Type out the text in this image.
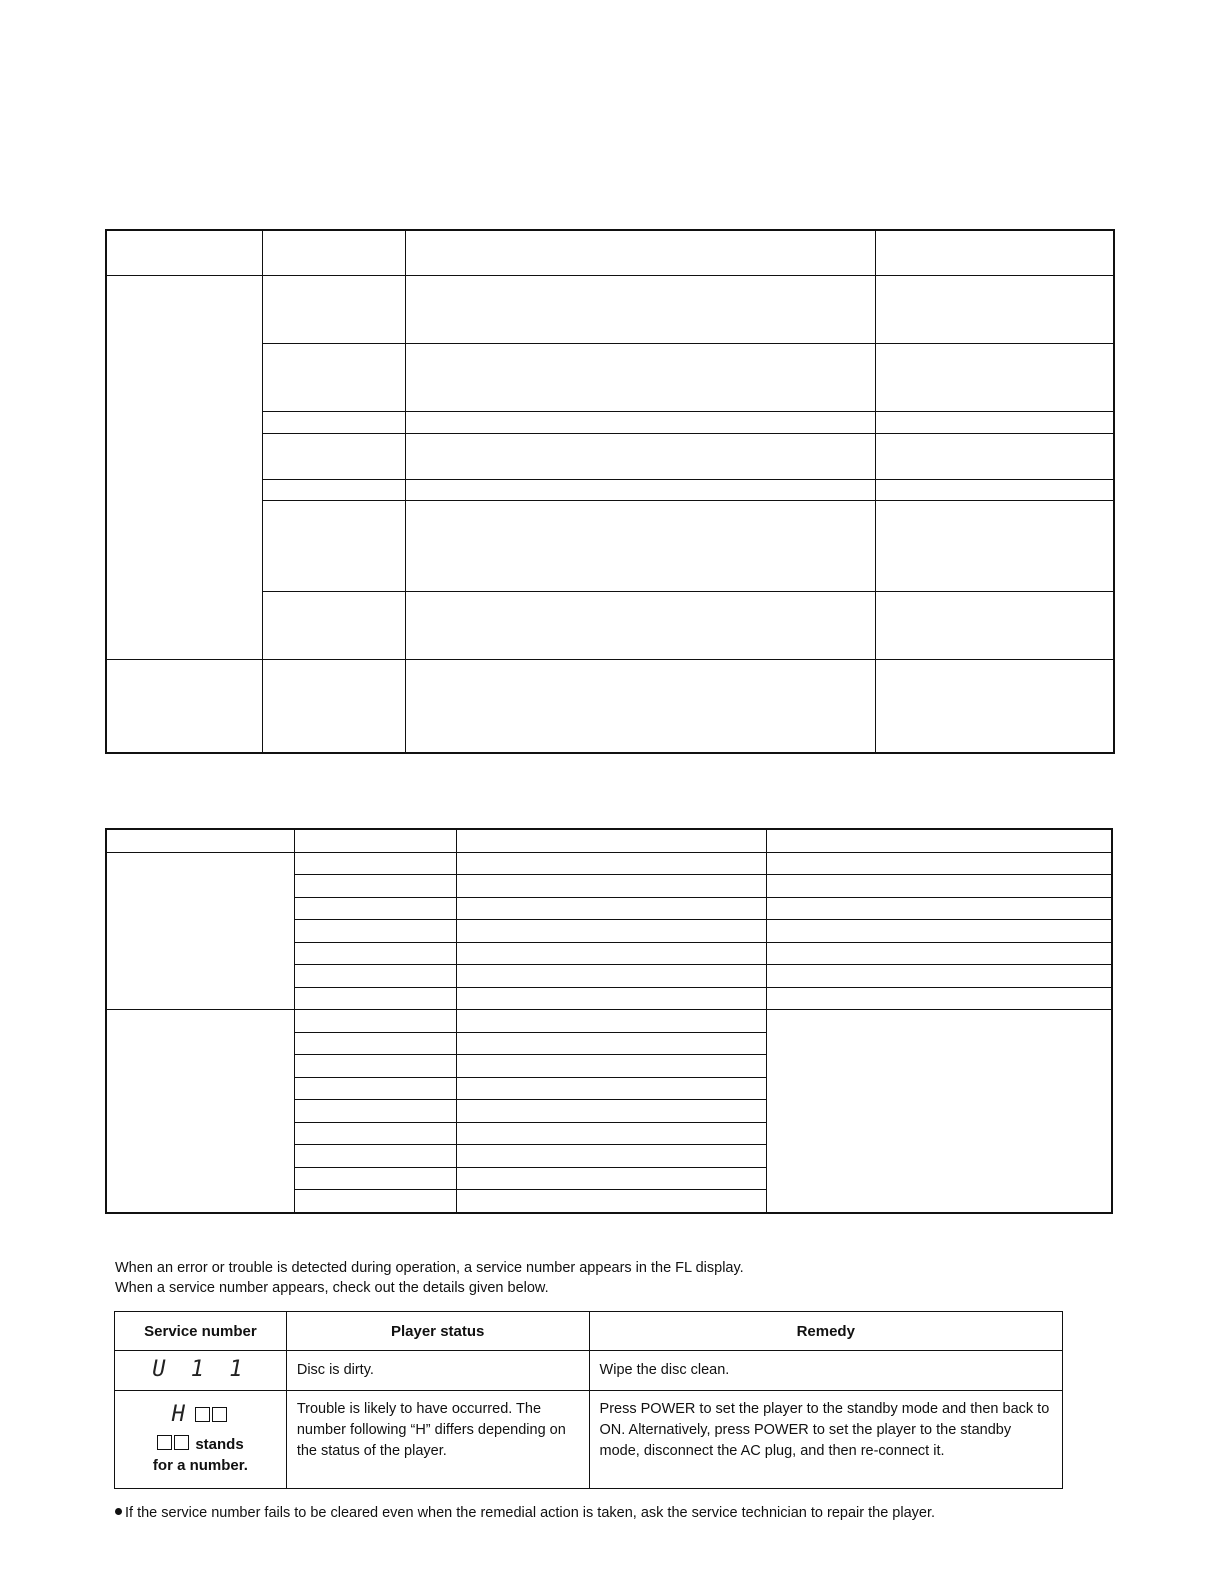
When an error or trouble is detected during operation, a service number appears in the FL display.
When a service number appears, check out the details given below.
Service number	Player status	Remedy
U 1 1	Disc is dirty.	Wipe the disc clean.

H
stands
for a number.	Trouble is likely to have occurred. The number following “H” differs depending on the status of the player.	Press POWER to set the player to the standby mode and then back to ON. Alternatively, press POWER to set the player to the standby mode, disconnect the AC plug, and then re-connect it.
If the service number fails to be cleared even when the remedial action is taken, ask the service technician to repair the player.
